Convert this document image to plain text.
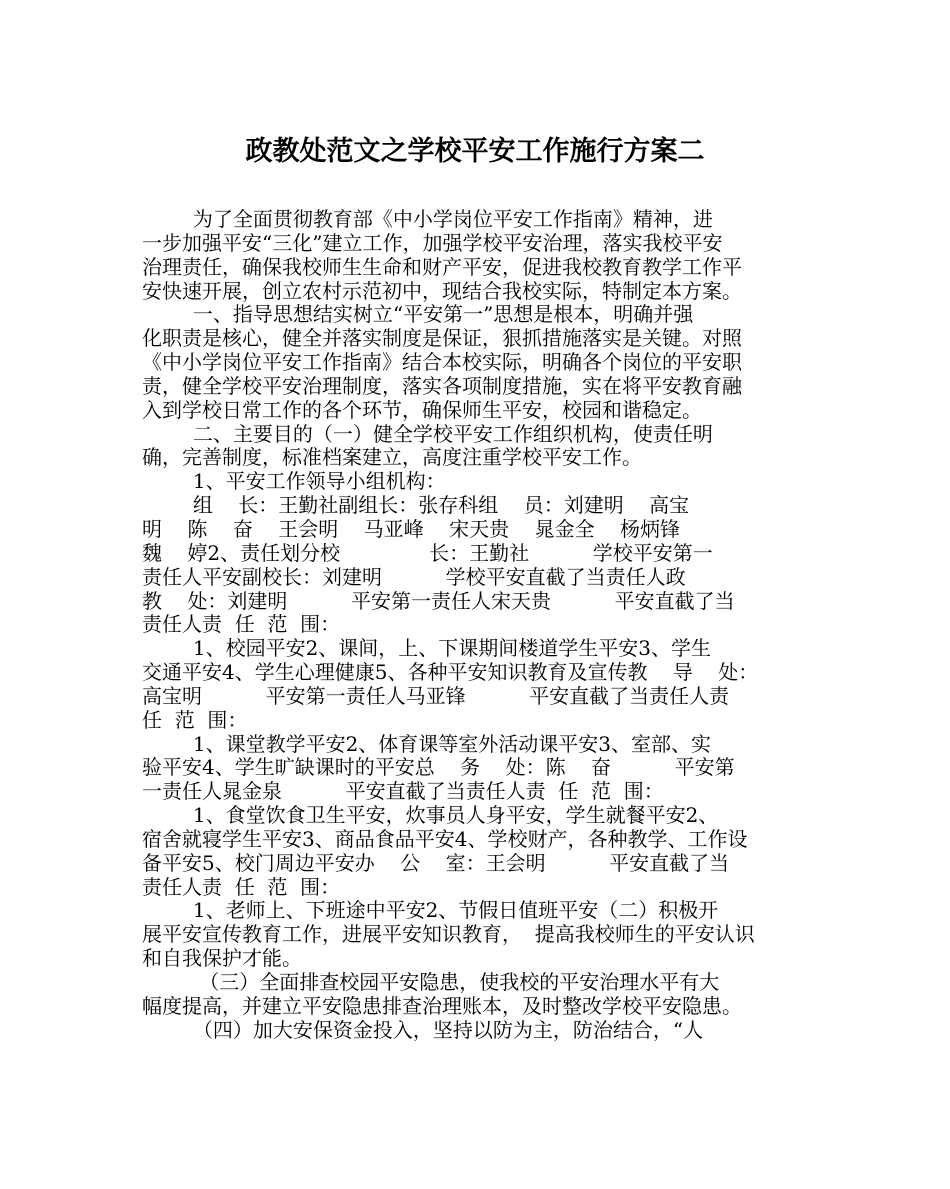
政教处范文之学校平安工作施行方案二
为了全面贯彻教育部《中小学岗位平安工作指南》精神，进
一步加强平安“三化”建立工作，加强学校平安治理，落实我校平安
治理责任，确保我校师生生命和财产平安，促进我校教育教学工作平
安快速开展，创立农村示范初中，现结合我校实际，特制定本方案。
一、指导思想结实树立“平安第一”思想是根本，明确并强
化职责是核心，健全并落实制度是保证，狠抓措施落实是关键。对照
《中小学岗位平安工作指南》结合本校实际，明确各个岗位的平安职
责，健全学校平安治理制度，落实各项制度措施，实在将平安教育融
入到学校日常工作的各个环节，确保师生平安，校园和谐稳定。
二、主要目的（一）健全学校平安工作组织机构，使责任明
确，完善制度，标准档案建立，高度注重学校平安工作。
1、平安工作领导小组机构：
组    长：王勤社副组长：张存科组    员：刘建明    高宝
明    陈    奋    王会明    马亚峰    宋天贵    晁金全    杨炳锋
魏    婷2、责任划分校              长：王勤社          学校平安第一
责任人平安副校长：刘建明          学校平安直截了当责任人政
教    处：刘建明          平安第一责任人宋天贵          平安直截了当
责任人责  任  范  围：
1、校园平安2、课间，上、下课期间楼道学生平安3、学生
交通平安4、学生心理健康5、各种平安知识教育及宣传教    导    处：
高宝明          平安第一责任人马亚锋          平安直截了当责任人责
任  范  围：
1、课堂教学平安2、体育课等室外活动课平安3、室部、实
验平安4、学生旷缺课时的平安总    务    处：陈    奋          平安第
一责任人晁金泉          平安直截了当责任人责  任  范  围：
1、食堂饮食卫生平安，炊事员人身平安，学生就餐平安2、
宿舍就寝学生平安3、商品食品平安4、学校财产，各种教学、工作设
备平安5、校门周边平安办    公    室：王会明          平安直截了当
责任人责  任  范  围：
1、老师上、下班途中平安2、节假日值班平安（二）积极开
展平安宣传教育工作，进展平安知识教育，  提高我校师生的平安认识
和自我保护才能。
（三）全面排查校园平安隐患，使我校的平安治理水平有大
幅度提高，并建立平安隐患排查治理账本，及时整改学校平安隐患。
（四）加大安保资金投入，坚持以防为主，防治结合，“人
